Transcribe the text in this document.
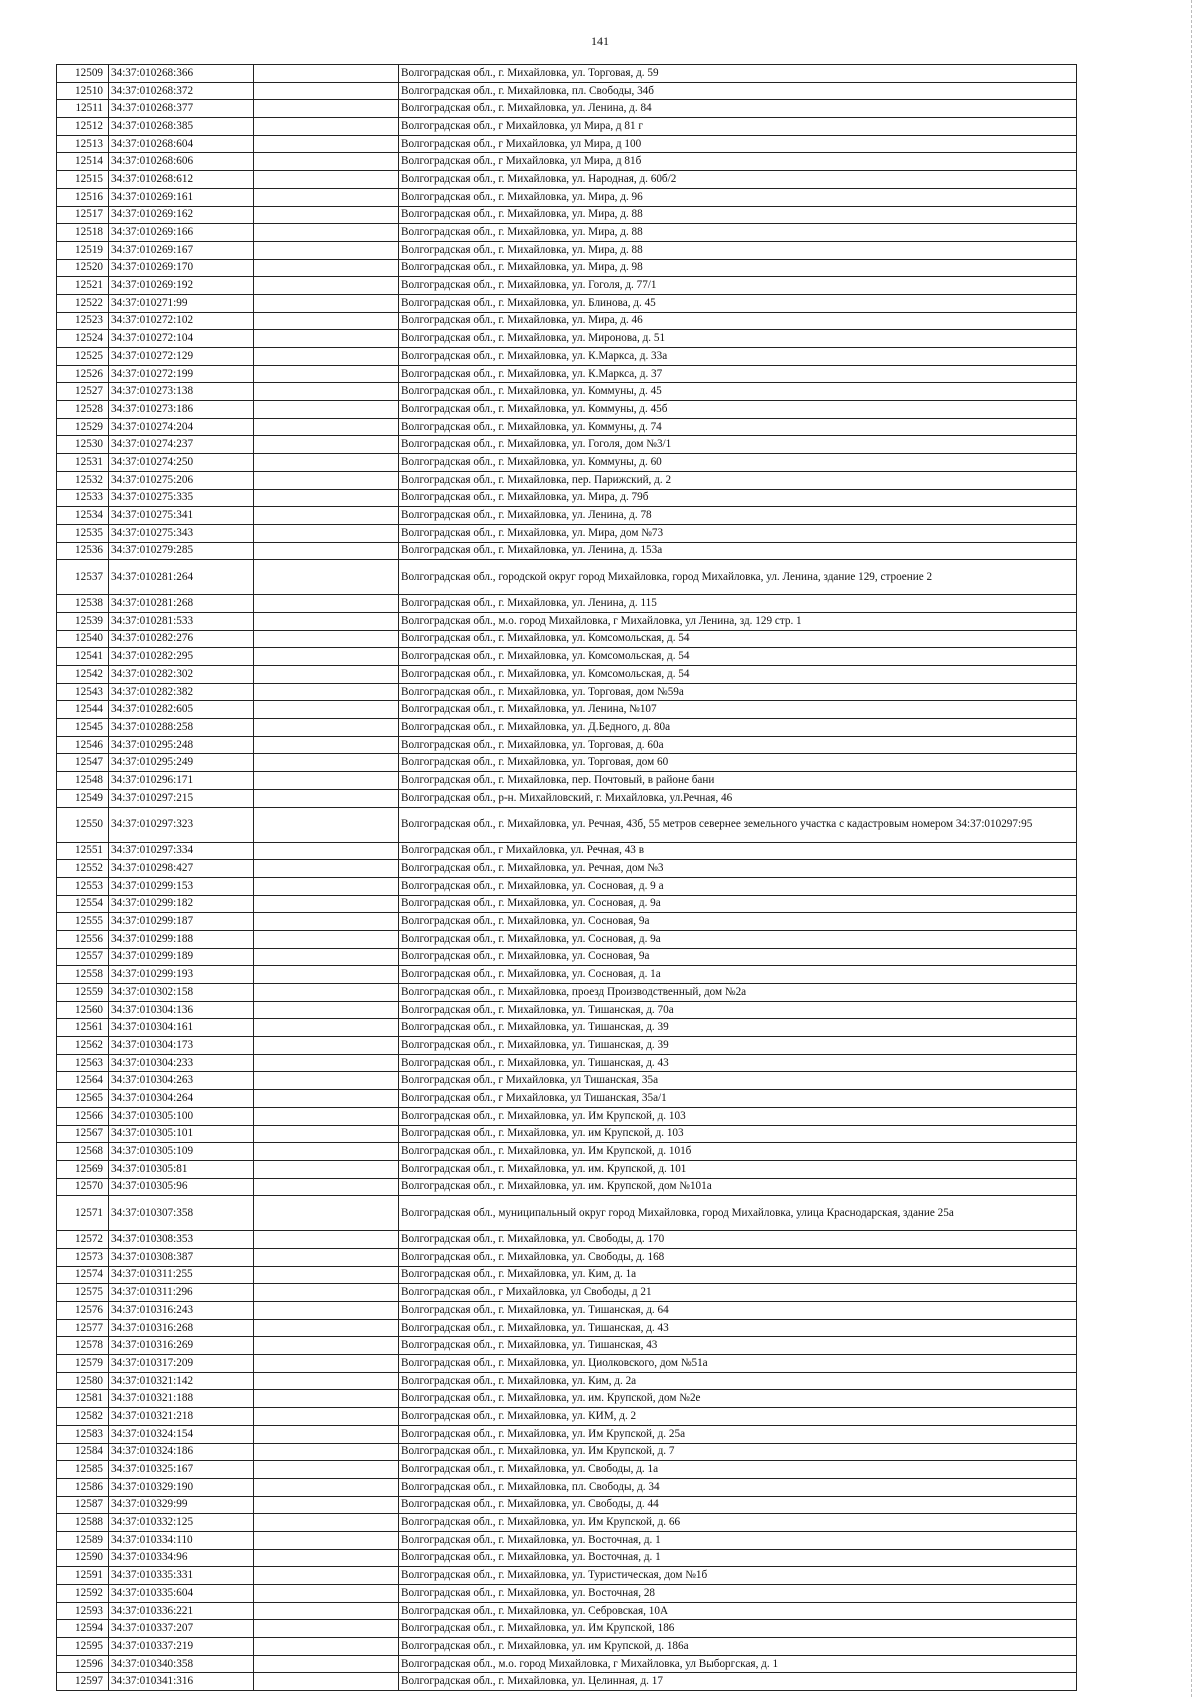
141
12509	34:37:010268:366		Волгоградская обл., г. Михайловка, ул. Торговая, д. 59
12510	34:37:010268:372		Волгоградская обл., г. Михайловка, пл. Свободы, 34б
12511	34:37:010268:377		Волгоградская обл., г. Михайловка, ул. Ленина, д. 84
12512	34:37:010268:385		Волгоградская обл., г Михайловка, ул Мира, д 81 г
12513	34:37:010268:604		Волгоградская обл., г Михайловка, ул Мира, д 100
12514	34:37:010268:606		Волгоградская обл., г Михайловка, ул Мира, д 81б
12515	34:37:010268:612		Волгоградская обл., г. Михайловка, ул. Народная, д. 60б/2
12516	34:37:010269:161		Волгоградская обл., г. Михайловка, ул. Мира, д. 96
12517	34:37:010269:162		Волгоградская обл., г. Михайловка, ул. Мира, д. 88
12518	34:37:010269:166		Волгоградская обл., г. Михайловка, ул. Мира, д. 88
12519	34:37:010269:167		Волгоградская обл., г. Михайловка, ул. Мира, д. 88
12520	34:37:010269:170		Волгоградская обл., г. Михайловка, ул. Мира, д. 98
12521	34:37:010269:192		Волгоградская обл., г. Михайловка, ул. Гоголя, д. 77/1
12522	34:37:010271:99		Волгоградская обл., г. Михайловка, ул. Блинова, д. 45
12523	34:37:010272:102		Волгоградская обл., г. Михайловка, ул. Мира, д. 46
12524	34:37:010272:104		Волгоградская обл., г. Михайловка, ул. Миронова, д. 51
12525	34:37:010272:129		Волгоградская обл., г. Михайловка, ул. К.Маркса, д. 33а
12526	34:37:010272:199		Волгоградская обл., г. Михайловка, ул. К.Маркса, д. 37
12527	34:37:010273:138		Волгоградская обл., г. Михайловка, ул. Коммуны, д. 45
12528	34:37:010273:186		Волгоградская обл., г. Михайловка, ул. Коммуны, д. 45б
12529	34:37:010274:204		Волгоградская обл., г. Михайловка, ул. Коммуны, д. 74
12530	34:37:010274:237		Волгоградская обл., г. Михайловка, ул. Гоголя, дом №3/1
12531	34:37:010274:250		Волгоградская обл., г. Михайловка, ул. Коммуны, д. 60
12532	34:37:010275:206		Волгоградская обл., г. Михайловка, пер. Парижский, д. 2
12533	34:37:010275:335		Волгоградская обл., г. Михайловка, ул. Мира, д. 79б
12534	34:37:010275:341		Волгоградская обл., г. Михайловка, ул. Ленина, д. 78
12535	34:37:010275:343		Волгоградская обл., г. Михайловка, ул. Мира, дом №73
12536	34:37:010279:285		Волгоградская обл., г. Михайловка, ул. Ленина, д. 153а
12537	34:37:010281:264		Волгоградская обл., городской округ город Михайловка, город Михайловка, ул. Ленина, здание 129, строение 2
12538	34:37:010281:268		Волгоградская обл., г. Михайловка, ул. Ленина, д. 115
12539	34:37:010281:533		Волгоградская обл., м.о. город Михайловка, г Михайловка, ул Ленина, зд. 129 стр. 1
12540	34:37:010282:276		Волгоградская обл., г. Михайловка, ул. Комсомольская, д. 54
12541	34:37:010282:295		Волгоградская обл., г. Михайловка, ул. Комсомольская, д. 54
12542	34:37:010282:302		Волгоградская обл., г. Михайловка, ул. Комсомольская, д. 54
12543	34:37:010282:382		Волгоградская обл., г. Михайловка, ул. Торговая, дом №59а
12544	34:37:010282:605		Волгоградская обл., г. Михайловка, ул. Ленина, №107
12545	34:37:010288:258		Волгоградская обл., г. Михайловка, ул. Д.Бедного, д. 80а
12546	34:37:010295:248		Волгоградская обл., г. Михайловка, ул. Торговая, д. 60а
12547	34:37:010295:249		Волгоградская обл., г. Михайловка, ул. Торговая, дом 60
12548	34:37:010296:171		Волгоградская обл., г. Михайловка, пер. Почтовый, в районе бани
12549	34:37:010297:215		Волгоградская обл., р-н. Михайловский, г. Михайловка, ул.Речная, 46
12550	34:37:010297:323		Волгоградская обл., г. Михайловка, ул. Речная, 43б, 55 метров севернее земельного участка с кадастровым номером 34:37:010297:95
12551	34:37:010297:334		Волгоградская обл., г Михайловка, ул. Речная, 43 в
12552	34:37:010298:427		Волгоградская обл., г. Михайловка, ул. Речная, дом №3
12553	34:37:010299:153		Волгоградская обл., г. Михайловка, ул. Сосновая, д. 9 а
12554	34:37:010299:182		Волгоградская обл., г. Михайловка, ул. Сосновая, д. 9а
12555	34:37:010299:187		Волгоградская обл., г. Михайловка, ул. Сосновая, 9а
12556	34:37:010299:188		Волгоградская обл., г. Михайловка, ул. Сосновая, д. 9а
12557	34:37:010299:189		Волгоградская обл., г. Михайловка, ул. Сосновая, 9а
12558	34:37:010299:193		Волгоградская обл., г. Михайловка, ул. Сосновая, д. 1а
12559	34:37:010302:158		Волгоградская обл., г. Михайловка, проезд Производственный, дом №2а
12560	34:37:010304:136		Волгоградская обл., г. Михайловка, ул. Тишанская, д. 70а
12561	34:37:010304:161		Волгоградская обл., г. Михайловка, ул. Тишанская, д. 39
12562	34:37:010304:173		Волгоградская обл., г. Михайловка, ул. Тишанская, д. 39
12563	34:37:010304:233		Волгоградская обл., г. Михайловка, ул. Тишанская, д. 43
12564	34:37:010304:263		Волгоградская обл., г Михайловка, ул Тишанская, 35а
12565	34:37:010304:264		Волгоградская обл., г Михайловка, ул Тишанская, 35а/1
12566	34:37:010305:100		Волгоградская обл., г. Михайловка, ул. Им Крупской, д. 103
12567	34:37:010305:101		Волгоградская обл., г. Михайловка, ул. им Крупской, д. 103
12568	34:37:010305:109		Волгоградская обл., г. Михайловка, ул. Им Крупской, д. 101б
12569	34:37:010305:81		Волгоградская обл., г. Михайловка, ул. им. Крупской, д. 101
12570	34:37:010305:96		Волгоградская обл., г. Михайловка, ул. им. Крупской, дом №101а
12571	34:37:010307:358		Волгоградская обл., муниципальный округ город Михайловка, город Михайловка, улица Краснодарская, здание 25а
12572	34:37:010308:353		Волгоградская обл., г. Михайловка, ул. Свободы, д. 170
12573	34:37:010308:387		Волгоградская обл., г. Михайловка, ул. Свободы, д. 168
12574	34:37:010311:255		Волгоградская обл., г. Михайловка, ул. Ким, д. 1а
12575	34:37:010311:296		Волгоградская обл., г Михайловка, ул Свободы, д 21
12576	34:37:010316:243		Волгоградская обл., г. Михайловка, ул. Тишанская, д. 64
12577	34:37:010316:268		Волгоградская обл., г. Михайловка, ул. Тишанская, д. 43
12578	34:37:010316:269		Волгоградская обл., г. Михайловка, ул. Тишанская, 43
12579	34:37:010317:209		Волгоградская обл., г. Михайловка, ул. Циолковского, дом №51а
12580	34:37:010321:142		Волгоградская обл., г. Михайловка, ул. Ким, д. 2а
12581	34:37:010321:188		Волгоградская обл., г. Михайловка, ул. им. Крупской, дом №2е
12582	34:37:010321:218		Волгоградская обл., г. Михайловка, ул. КИМ, д. 2
12583	34:37:010324:154		Волгоградская обл., г. Михайловка, ул. Им Крупской, д. 25а
12584	34:37:010324:186		Волгоградская обл., г. Михайловка, ул. Им Крупской, д. 7
12585	34:37:010325:167		Волгоградская обл., г. Михайловка, ул. Свободы, д. 1а
12586	34:37:010329:190		Волгоградская обл., г. Михайловка, пл. Свободы, д. 34
12587	34:37:010329:99		Волгоградская обл., г. Михайловка, ул. Свободы, д. 44
12588	34:37:010332:125		Волгоградская обл., г. Михайловка, ул. Им Крупской, д. 66
12589	34:37:010334:110		Волгоградская обл., г. Михайловка, ул. Восточная, д. 1
12590	34:37:010334:96		Волгоградская обл., г. Михайловка, ул. Восточная, д. 1
12591	34:37:010335:331		Волгоградская обл., г. Михайловка, ул. Туристическая, дом №1б
12592	34:37:010335:604		Волгоградская обл., г. Михайловка, ул. Восточная, 28
12593	34:37:010336:221		Волгоградская обл., г. Михайловка, ул. Себровская, 10А
12594	34:37:010337:207		Волгоградская обл., г. Михайловка, ул. Им Крупской, 186
12595	34:37:010337:219		Волгоградская обл., г. Михайловка, ул. им Крупской, д. 186а
12596	34:37:010340:358		Волгоградская обл., м.о. город Михайловка, г Михайловка, ул Выборгская, д. 1
12597	34:37:010341:316		Волгоградская обл., г. Михайловка, ул. Целинная, д. 17
